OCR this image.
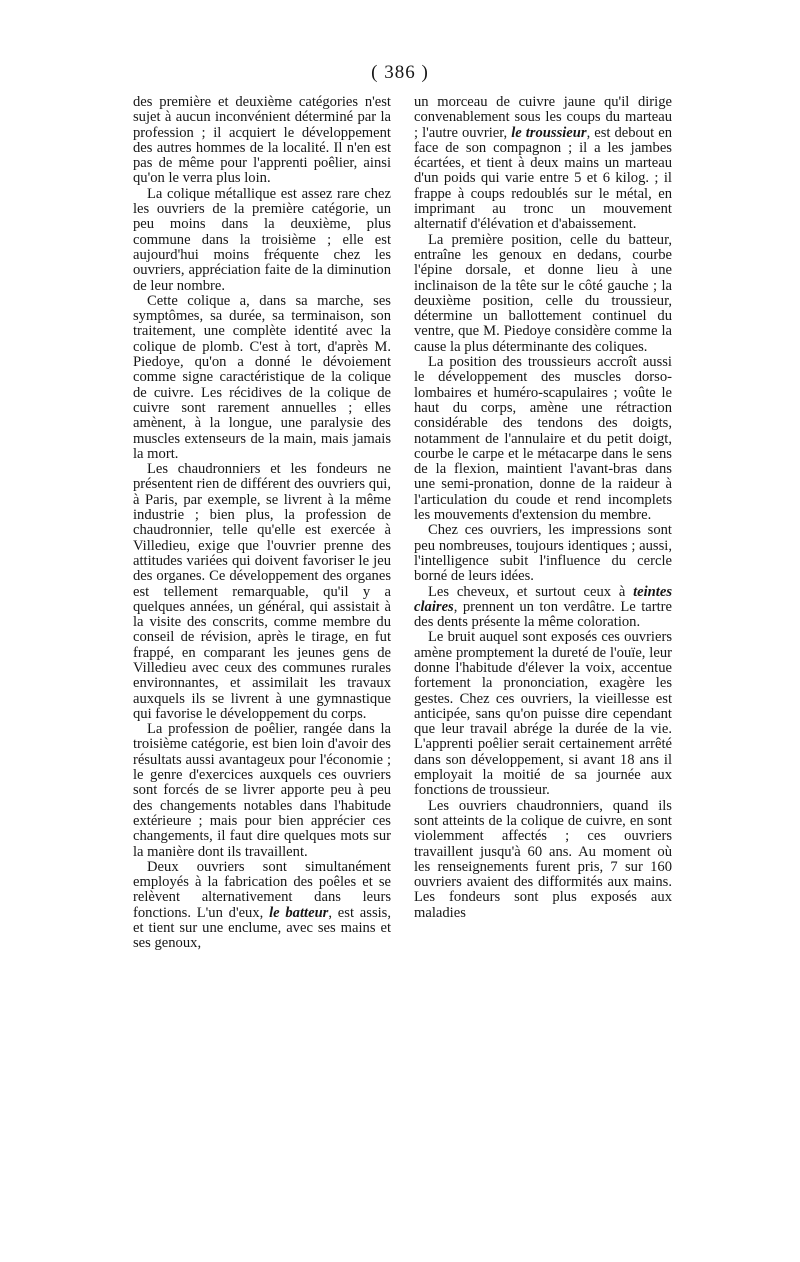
( 386 )

des première et deuxième catégories n'est sujet à aucun inconvénient déterminé par la profession ; il acquiert le développement des autres hommes de la localité. Il n'en est pas de même pour l'apprenti poêlier, ainsi qu'on le verra plus loin.

La colique métallique est assez rare chez les ouvriers de la première catégorie, un peu moins dans la deuxième, plus commune dans la troisième ; elle est aujourd'hui moins fréquente chez les ouvriers, appréciation faite de la diminution de leur nombre.

Cette colique a, dans sa marche, ses symptômes, sa durée, sa terminaison, son traitement, une complète identité avec la colique de plomb. C'est à tort, d'après M. Piedoye, qu'on a donné le dévoiement comme signe caractéristique de la colique de cuivre. Les récidives de la colique de cuivre sont rarement annuelles ; elles amènent, à la longue, une paralysie des muscles extenseurs de la main, mais jamais la mort.

Les chaudronniers et les fondeurs ne présentent rien de différent des ouvriers qui, à Paris, par exemple, se livrent à la même industrie ; bien plus, la profession de chaudronnier, telle qu'elle est exercée à Villedieu, exige que l'ouvrier prenne des attitudes variées qui doivent favoriser le jeu des organes. Ce développement des organes est tellement remarquable, qu'il y a quelques années, un général, qui assistait à la visite des conscrits, comme membre du conseil de révision, après le tirage, en fut frappé, en comparant les jeunes gens de Villedieu avec ceux des communes rurales environnantes, et assimilait les travaux auxquels ils se livrent à une gymnastique qui favorise le développement du corps.

La profession de poêlier, rangée dans la troisième catégorie, est bien loin d'avoir des résultats aussi avantageux pour l'économie ; le genre d'exercices auxquels ces ouvriers sont forcés de se livrer apporte peu à peu des changements notables dans l'habitude extérieure ; mais pour bien apprécier ces changements, il faut dire quelques mots sur la manière dont ils travaillent.

Deux ouvriers sont simultanément employés à la fabrication des poêles et se relèvent alternativement dans leurs fonctions. L'un d'eux, le batteur, est assis, et tient sur une enclume, avec ses mains et ses genoux,

un morceau de cuivre jaune qu'il dirige convenablement sous les coups du marteau ; l'autre ouvrier, le troussieur, est debout en face de son compagnon ; il a les jambes écartées, et tient à deux mains un marteau d'un poids qui varie entre 5 et 6 kilog. ; il frappe à coups redoublés sur le métal, en imprimant au tronc un mouvement alternatif d'élévation et d'abaissement.

La première position, celle du batteur, entraîne les genoux en dedans, courbe l'épine dorsale, et donne lieu à une inclinaison de la tête sur le côté gauche ; la deuxième position, celle du troussieur, détermine un ballottement continuel du ventre, que M. Piedoye considère comme la cause la plus déterminante des coliques.

La position des troussieurs accroît aussi le développement des muscles dorso-lombaires et huméro-scapulaires ; voûte le haut du corps, amène une rétraction considérable des tendons des doigts, notamment de l'annulaire et du petit doigt, courbe le carpe et le métacarpe dans le sens de la flexion, maintient l'avant-bras dans une semi-pronation, donne de la raideur à l'articulation du coude et rend incomplets les mouvements d'extension du membre.

Chez ces ouvriers, les impressions sont peu nombreuses, toujours identiques ; aussi, l'intelligence subit l'influence du cercle borné de leurs idées.

Les cheveux, et surtout ceux à teintes claires, prennent un ton verdâtre. Le tartre des dents présente la même coloration.

Le bruit auquel sont exposés ces ouvriers amène promptement la dureté de l'ouïe, leur donne l'habitude d'élever la voix, accentue fortement la prononciation, exagère les gestes. Chez ces ouvriers, la vieillesse est anticipée, sans qu'on puisse dire cependant que leur travail abrége la durée de la vie. L'apprenti poêlier serait certainement arrêté dans son développement, si avant 18 ans il employait la moitié de sa journée aux fonctions de troussieur.

Les ouvriers chaudronniers, quand ils sont atteints de la colique de cuivre, en sont violemment affectés ; ces ouvriers travaillent jusqu'à 60 ans. Au moment où les renseignements furent pris, 7 sur 160 ouvriers avaient des difformités aux mains. Les fondeurs sont plus exposés aux maladies
